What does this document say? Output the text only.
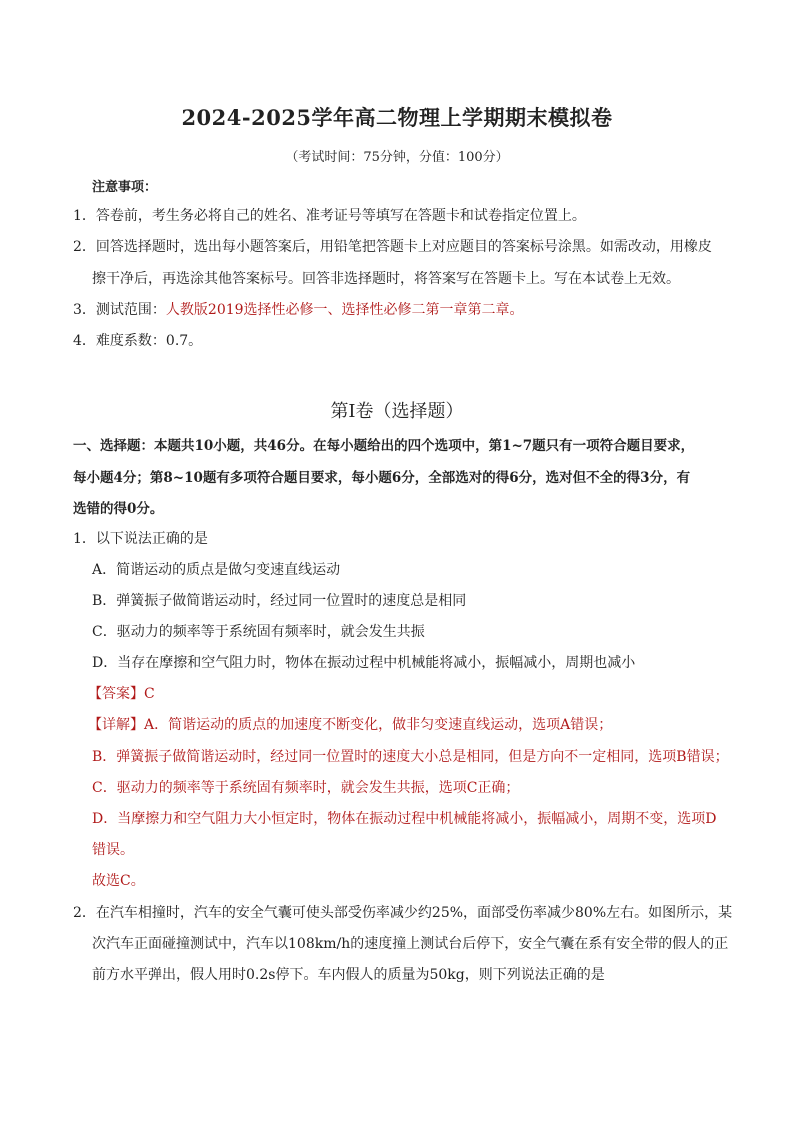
2024-2025学年高二物理上学期期末模拟卷
（考试时间：75分钟，分值：100分）
注意事项：
1．答卷前，考生务必将自己的姓名、准考证号等填写在答题卡和试卷指定位置上。
2．回答选择题时，选出每小题答案后，用铅笔把答题卡上对应题目的答案标号涂黑。如需改动，用橡皮
擦干净后，再选涂其他答案标号。回答非选择题时，将答案写在答题卡上。写在本试卷上无效。
3．测试范围：人教版2019选择性必修一、选择性必修二第一章第二章。
4．难度系数：0.7。
第Ⅰ卷（选择题）
一、选择题：本题共10小题，共46分。在每小题给出的四个选项中，第1~7题只有一项符合题目要求，
每小题4分；第8~10题有多项符合题目要求，每小题6分，全部选对的得6分，选对但不全的得3分，有
选错的得0分。
1．以下说法正确的是
A．简谐运动的质点是做匀变速直线运动
B．弹簧振子做简谐运动时，经过同一位置时的速度总是相同
C．驱动力的频率等于系统固有频率时，就会发生共振
D．当存在摩擦和空气阻力时，物体在振动过程中机械能将减小，振幅减小，周期也减小
【答案】C
【详解】A．简谐运动的质点的加速度不断变化，做非匀变速直线运动，选项A错误；
B．弹簧振子做简谐运动时，经过同一位置时的速度大小总是相同，但是方向不一定相同，选项B错误；
C．驱动力的频率等于系统固有频率时，就会发生共振，选项C正确；
D．当摩擦力和空气阻力大小恒定时，物体在振动过程中机械能将减小，振幅减小，周期不变，选项D
错误。
故选C。
2．在汽车相撞时，汽车的安全气囊可使头部受伤率减少约25%，面部受伤率减少80%左右。如图所示，某
次汽车正面碰撞测试中，汽车以108km/h的速度撞上测试台后停下，安全气囊在系有安全带的假人的正
前方水平弹出，假人用时0.2s停下。车内假人的质量为50kg，则下列说法正确的是
